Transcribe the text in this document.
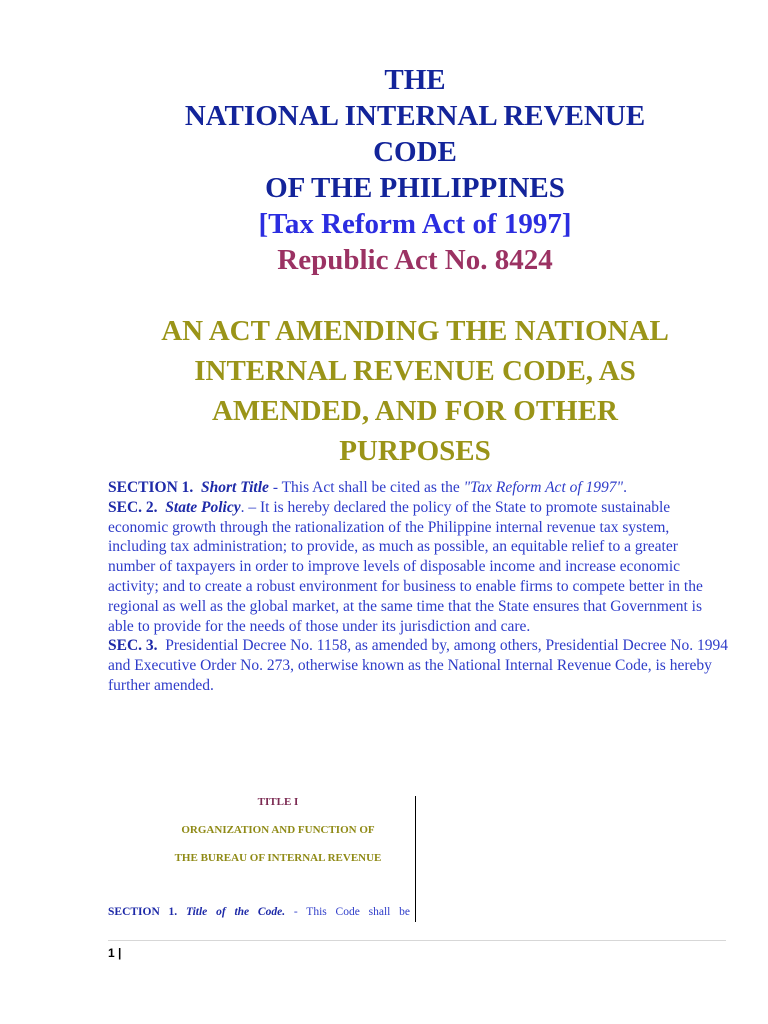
THE
NATIONAL INTERNAL REVENUE
CODE
OF THE PHILIPPINES
[Tax Reform Act of 1997]
Republic Act No. 8424
AN ACT AMENDING THE NATIONAL
INTERNAL REVENUE CODE, AS
AMENDED, AND FOR OTHER
PURPOSES

SECTION 1. Short Title - This Act shall be cited as the "Tax Reform Act of 1997".

SEC. 2. State Policy. – It is hereby declared the policy of the State to promote sustainable economic growth through the rationalization of the Philippine internal revenue tax system, including tax administration; to provide, as much as possible, an equitable relief to a greater number of taxpayers in order to improve levels of disposable income and increase economic activity; and to create a robust environment for business to enable firms to compete better in the regional as well as the global market, at the same time that the State ensures that Government is able to provide for the needs of those under its jurisdiction and care.

SEC. 3. Presidential Decree No. 1158, as amended by, among others, Presidential Decree No. 1994 and Executive Order No. 273, otherwise known as the National Internal Revenue Code, is hereby further amended.

TITLE I
ORGANIZATION AND FUNCTION OF
THE BUREAU OF INTERNAL REVENUE
SECTION 1. Title of the Code. - This Code shall be
1 |
